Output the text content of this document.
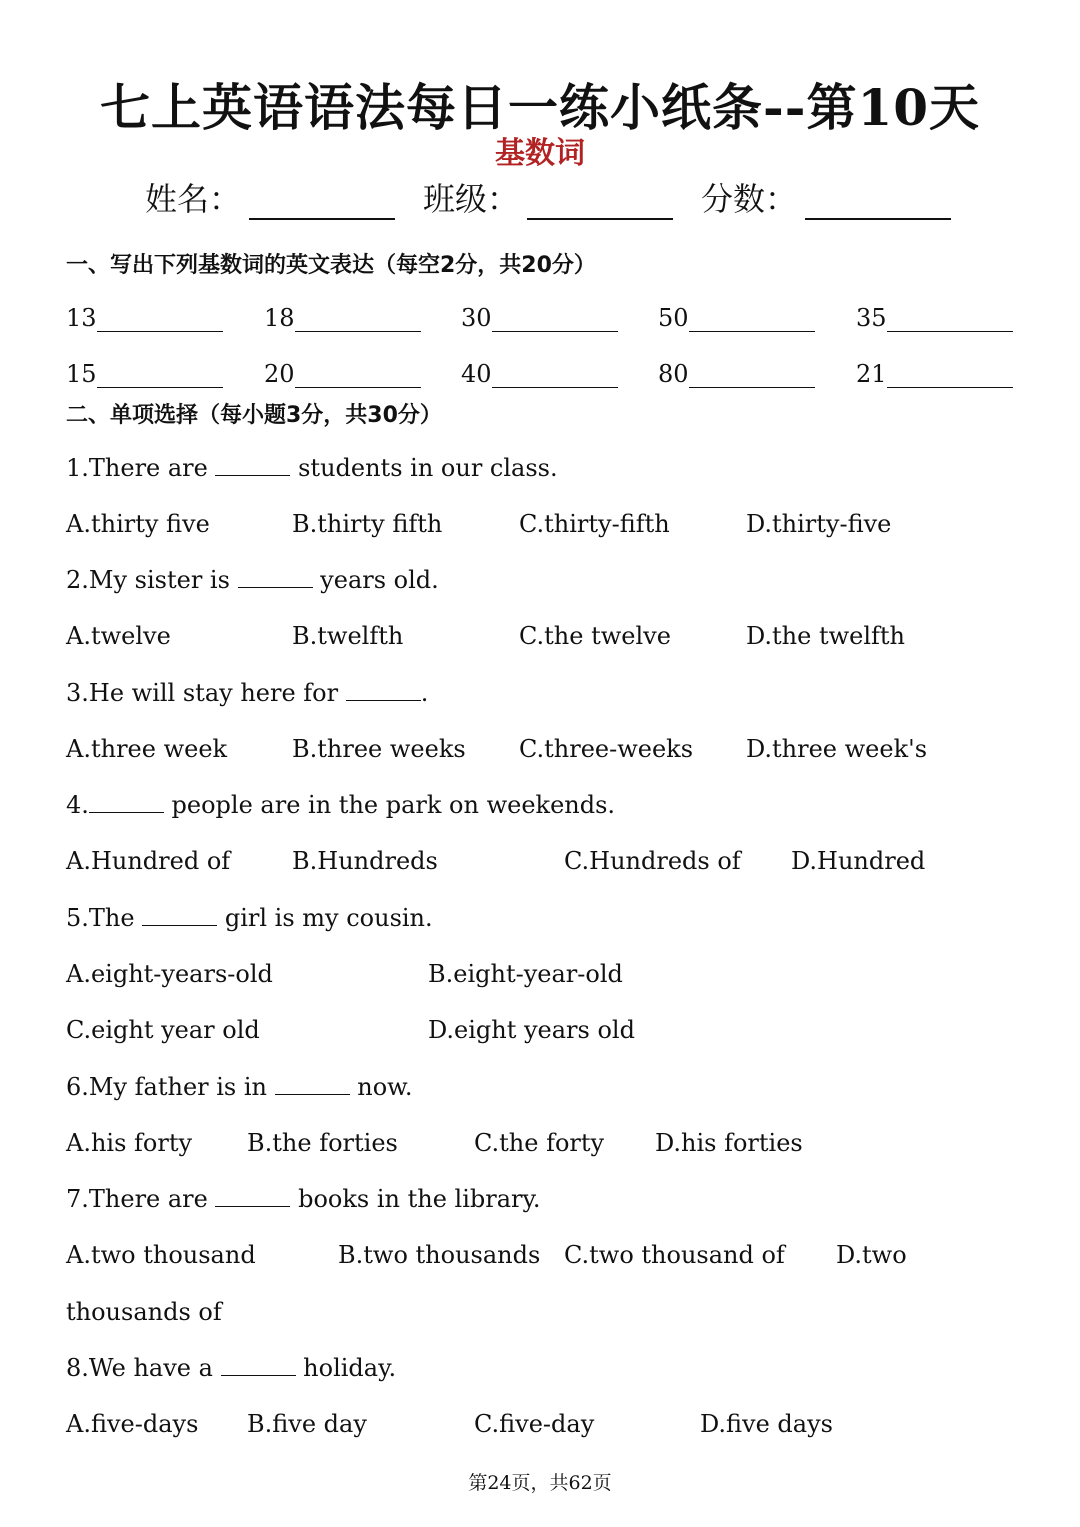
七上英语语法每日一练小纸条--第10天
基数词
姓名：	班级：	分数：
一、写出下列基数词的英文表达（每空2分，共20分）
13	18	30	50	35
15	20	40	80	21
二、单项选择（每小题3分，共30分）
1.There are	students in our class.
A.thirty five	B.thirty fifth	C.thirty-fifth	D.thirty-five
2.My sister is	years old.
A.twelve	B.twelfth	C.the twelve	D.the twelfth
3.He will stay here for	.
A.three week	B.three weeks C.three-weeks D.three week's
4.	people are in the park on weekends.
A.Hundred of	B.Hundreds	C.Hundreds of D.Hundred
5.The	girl is my cousin.
A.eight-years-old	B.eight-year-old
C.eight year old	D.eight years old
6.My father is in	now.
A.his forty B.the forties	C.the forty D.his forties
7.There are	books in the library.
A.two thousand	B.two thousands C.two thousand of D.two
thousands of
8.We have a	holiday.
A.five-days B.five day	C.five-day	D.five days
第24页，共62页
